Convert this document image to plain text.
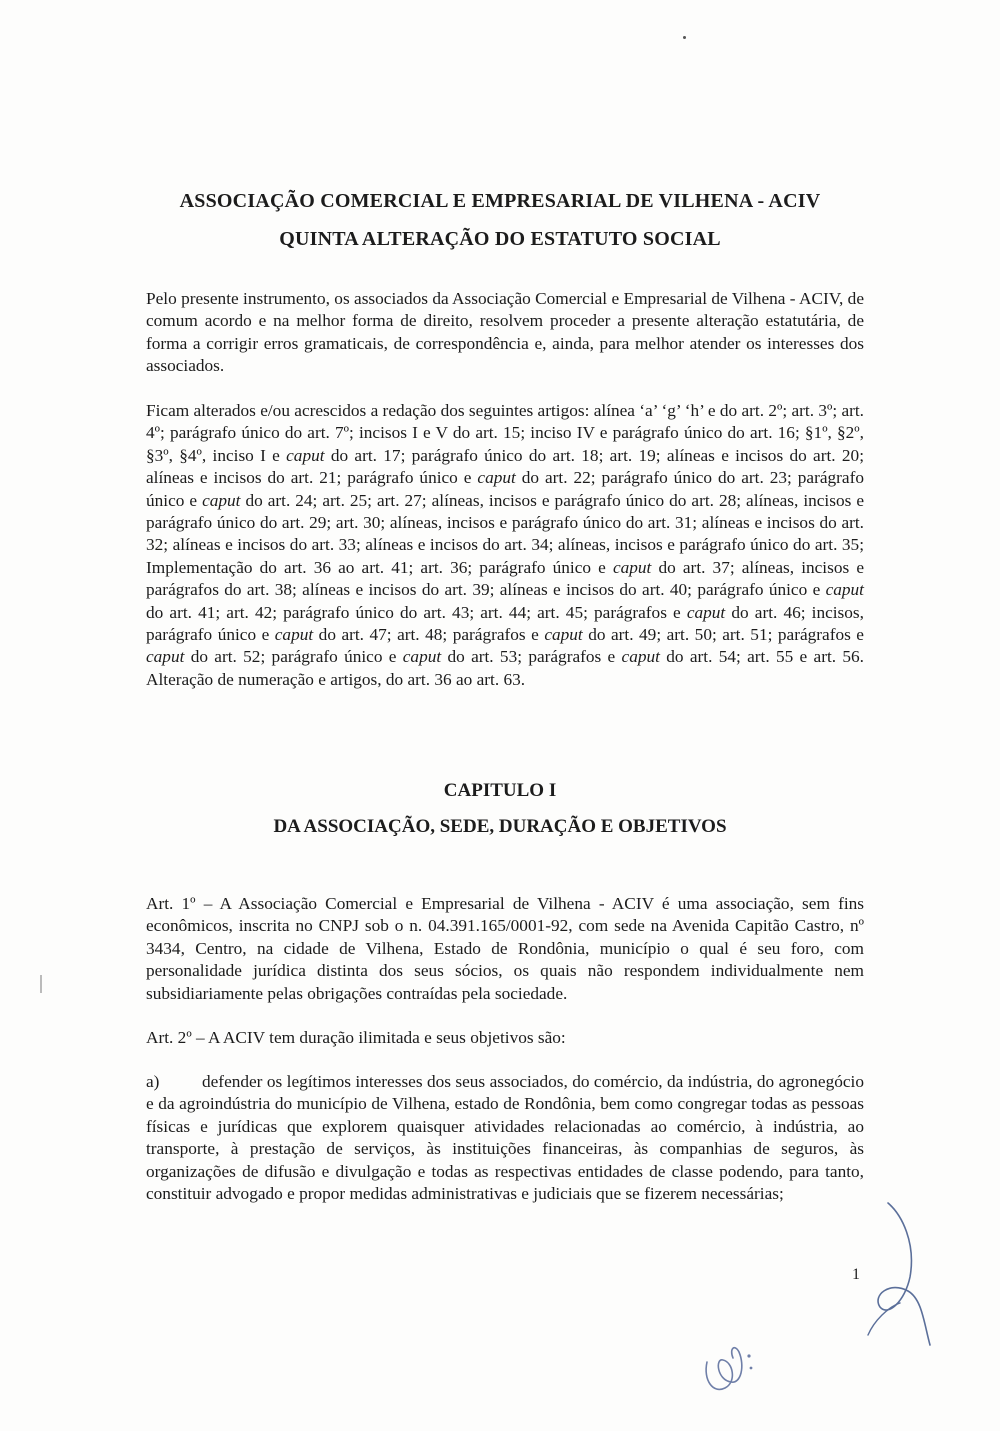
ASSOCIAÇÃO COMERCIAL E EMPRESARIAL DE VILHENA - ACIV
QUINTA ALTERAÇÃO DO ESTATUTO SOCIAL

Pelo presente instrumento, os associados da Associação Comercial e Empresarial de Vilhena - ACIV, de comum acordo e na melhor forma de direito, resolvem proceder a presente alteração estatutária, de forma a corrigir erros gramaticais, de correspondência e, ainda, para melhor atender os interesses dos associados.

Ficam alterados e/ou acrescidos a redação dos seguintes artigos: alínea ‘a’ ‘g’ ‘h’ e do art. 2º; art. 3º; art. 4º; parágrafo único do art. 7º; incisos I e V do art. 15; inciso IV e parágrafo único do art. 16; §1º, §2º, §3º, §4º, inciso I e caput do art. 17; parágrafo único do art. 18; art. 19; alíneas e incisos do art. 20; alíneas e incisos do art. 21; parágrafo único e caput do art. 22; parágrafo único do art. 23; parágrafo único e caput do art. 24; art. 25; art. 27; alíneas, incisos e parágrafo único do art. 28; alíneas, incisos e parágrafo único do art. 29; art. 30; alíneas, incisos e parágrafo único do art. 31; alíneas e incisos do art. 32; alíneas e incisos do art. 33; alíneas e incisos do art. 34; alíneas, incisos e parágrafo único do art. 35; Implementação do art. 36 ao art. 41; art. 36; parágrafo único e caput do art. 37; alíneas, incisos e parágrafos do art. 38; alíneas e incisos do art. 39; alíneas e incisos do art. 40; parágrafo único e caput do art. 41; art. 42; parágrafo único do art. 43; art. 44; art. 45; parágrafos e caput do art. 46; incisos, parágrafo único e caput do art. 47; art. 48; parágrafos e caput do art. 49; art. 50; art. 51; parágrafos e caput do art. 52; parágrafo único e caput do art. 53; parágrafos e caput do art. 54; art. 55 e art. 56. Alteração de numeração e artigos, do art. 36 ao art. 63.

CAPITULO I
DA ASSOCIAÇÃO, SEDE, DURAÇÃO E OBJETIVOS

Art. 1º – A Associação Comercial e Empresarial de Vilhena - ACIV é uma associação, sem fins econômicos, inscrita no CNPJ sob o n. 04.391.165/0001-92, com sede na Avenida Capitão Castro, nº 3434, Centro, na cidade de Vilhena, Estado de Rondônia, município o qual é seu foro, com personalidade jurídica distinta dos seus sócios, os quais não respondem individualmente nem subsidiariamente pelas obrigações contraídas pela sociedade.

Art. 2º – A ACIV tem duração ilimitada e seus objetivos são:

a) defender os legítimos interesses dos seus associados, do comércio, da indústria, do agronegócio e da agroindústria do município de Vilhena, estado de Rondônia, bem como congregar todas as pessoas físicas e jurídicas que explorem quaisquer atividades relacionadas ao comércio, à indústria, ao transporte, à prestação de serviços, às instituições financeiras, às companhias de seguros, às organizações de difusão e divulgação e todas as respectivas entidades de classe podendo, para tanto, constituir advogado e propor medidas administrativas e judiciais que se fizerem necessárias;

1
